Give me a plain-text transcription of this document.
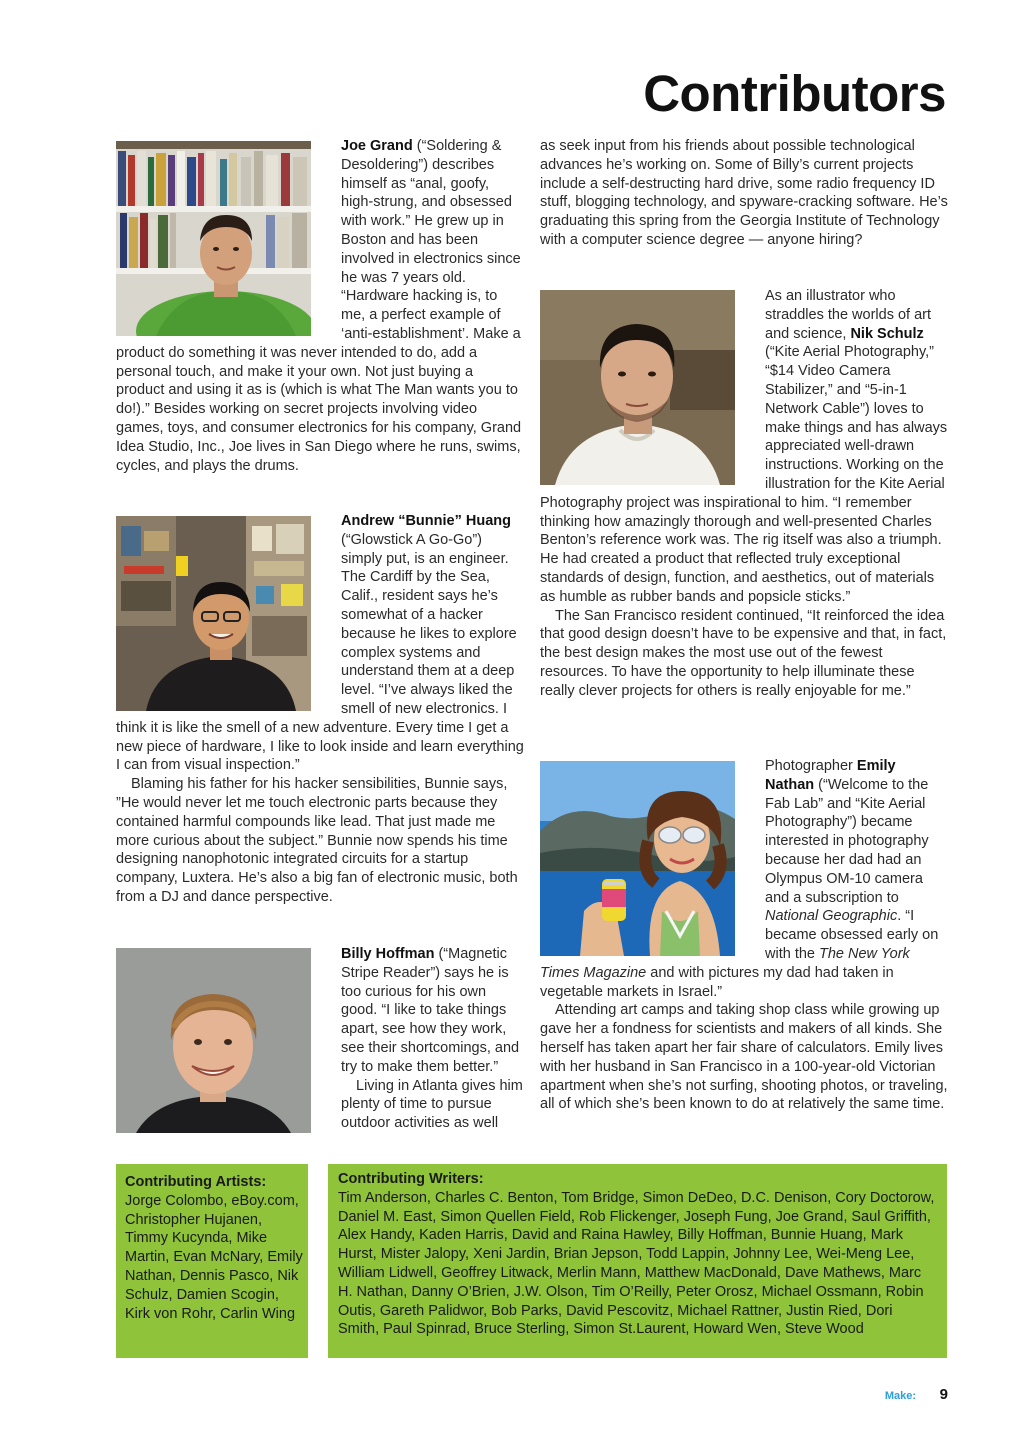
Contributors

Joe Grand (“Soldering & Desoldering”) describes himself as “anal, goofy, high-strung, and obsessed with work.” He grew up in Boston and has been involved in electronics since he was 7 years old. “Hardware hacking is, to me, a perfect example of ‘anti-establishment’. Make a product do something it was never intended to do, add a personal touch, and make it your own. Not just buying a product and using it as is (which is what The Man wants you to do!).” Besides working on secret projects involving video games, toys, and consumer electronics for his company, Grand Idea Studio, Inc., Joe lives in San Diego where he runs, swims, cycles, and plays the drums.

Andrew “Bunnie” Huang (“Glowstick A Go-Go”) simply put, is an engineer. The Cardiff by the Sea, Calif., resident says he’s somewhat of a hacker because he likes to explore complex systems and understand them at a deep level. “I’ve always liked the smell of new electronics. I think it is like the smell of a new adventure. Every time I get a new piece of hardware, I like to look inside and learn everything I can from visual inspection.”

Blaming his father for his hacker sensibilities, Bunnie says, ”He would never let me touch electronic parts because they contained harmful compounds like lead. That just made me more curious about the subject.” Bunnie now spends his time designing nanophotonic integrated circuits for a startup company, Luxtera. He’s also a big fan of electronic music, both from a DJ and dance perspective.

Billy Hoffman (“Magnetic Stripe Reader”) says he is too curious for his own good. “I like to take things apart, see how they work, see their shortcomings, and try to make them better.”

Living in Atlanta gives him plenty of time to pursue outdoor activities as well

as seek input from his friends about possible technological advances he’s working on. Some of Billy’s current projects include a self-destructing hard drive, some radio frequency ID stuff, blogging technology, and spyware-cracking software. He’s graduating this spring from the Georgia Institute of Technology with a computer science degree — anyone hiring?

As an illustrator who straddles the worlds of art and science, Nik Schulz (“Kite Aerial Photography,” “$14 Video Camera Stabilizer,” and “5-in-1 Network Cable”) loves to make things and has always appreciated well-drawn instructions. Working on the illustration for the Kite Aerial Photography project was inspirational to him. “I remember thinking how amazingly thorough and well-presented Charles Benton’s reference work was. The rig itself was also a triumph. He had created a product that reflected truly exceptional standards of design, function, and aesthetics, out of materials as humble as rubber bands and popsicle sticks.”

The San Francisco resident continued, “It reinforced the idea that good design doesn’t have to be expensive and that, in fact, the best design makes the most use out of the fewest resources. To have the opportunity to help illuminate these really clever projects for others is really enjoyable for me.”

Photographer Emily Nathan (“Welcome to the Fab Lab” and “Kite Aerial Photography”) became interested in photography because her dad had an Olympus OM-10 camera and a subscription to National Geographic. “I became obsessed early on with the The New York Times Magazine and with pictures my dad had taken in vegetable markets in Israel.”

Attending art camps and taking shop class while growing up gave her a fondness for scientists and makers of all kinds. She herself has taken apart her fair share of calculators. Emily lives with her husband in San Francisco in a 100-year-old Victorian apartment when she’s not surfing, shooting photos, or traveling, all of which she’s been known to do at relatively the same time.

Contributing Artists:

Jorge Colombo, eBoy.com, Christopher Hujanen, Timmy Kucynda, Mike Martin, Evan McNary, Emily Nathan, Dennis Pasco, Nik Schulz, Damien Scogin, Kirk von Rohr, Carlin Wing

Contributing Writers:

Tim Anderson, Charles C. Benton, Tom Bridge, Simon DeDeo, D.C. Denison, Cory Doctorow, Daniel M. East, Simon Quellen Field, Rob Flickenger, Joseph Fung, Joe Grand, Saul Griffith, Alex Handy, Kaden Harris, David and Raina Hawley, Billy Hoffman, Bunnie Huang, Mark Hurst, Mister Jalopy, Xeni Jardin, Brian Jepson, Todd Lappin, Johnny Lee, Wei-Meng Lee, William Lidwell, Geoffrey Litwack, Merlin Mann, Matthew MacDonald, Dave Mathews, Marc H. Nathan, Danny O’Brien, J.W. Olson, Tim O’Reilly, Peter Orosz, Michael Ossmann, Robin Outis, Gareth Palidwor, Bob Parks, David Pescovitz, Michael Rattner, Justin Ried, Dori Smith, Paul Spinrad, Bruce Sterling, Simon St.Laurent, Howard Wen, Steve Wood

Make: 9
